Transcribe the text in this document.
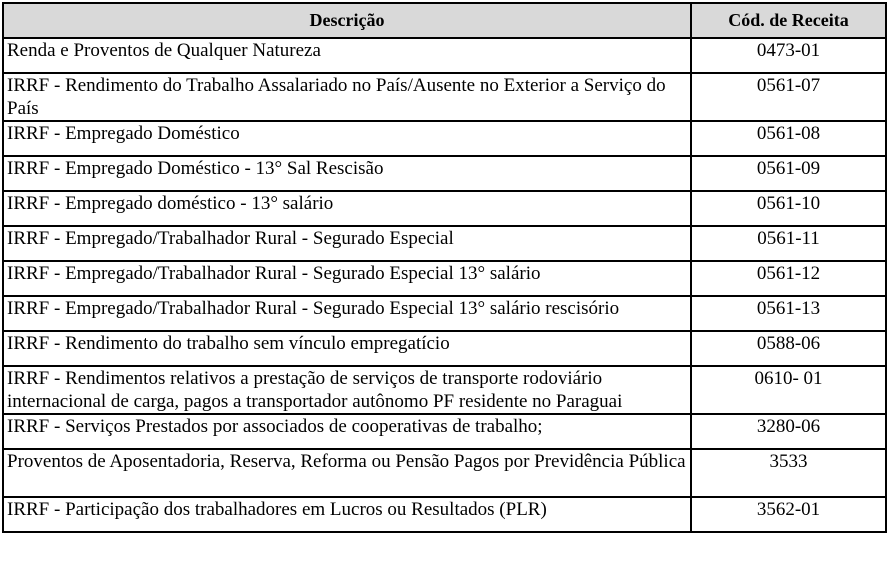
Descrição	Cód. de Receita
Renda e Proventos de Qualquer Natureza	0473-01
IRRF - Rendimento do Trabalho Assalariado no País/Ausente no Exterior a Serviço do País	0561-07
IRRF - Empregado Doméstico	0561-08
IRRF - Empregado Doméstico - 13° Sal Rescisão	0561-09
IRRF - Empregado doméstico - 13° salário	0561-10
IRRF - Empregado/Trabalhador Rural - Segurado Especial	0561-11
IRRF - Empregado/Trabalhador Rural - Segurado Especial 13° salário	0561-12
IRRF - Empregado/Trabalhador Rural - Segurado Especial 13° salário rescisório	0561-13
IRRF - Rendimento do trabalho sem vínculo empregatício	0588-06
IRRF - Rendimentos relativos a prestação de serviços de transporte rodoviário internacional de carga, pagos a transportador autônomo PF residente no Paraguai	0610- 01
IRRF - Serviços Prestados por associados de cooperativas de trabalho;	3280-06
Proventos de Aposentadoria, Reserva, Reforma ou Pensão Pagos por Previdência Pública	3533
IRRF - Participação dos trabalhadores em Lucros ou Resultados (PLR)	3562-01
